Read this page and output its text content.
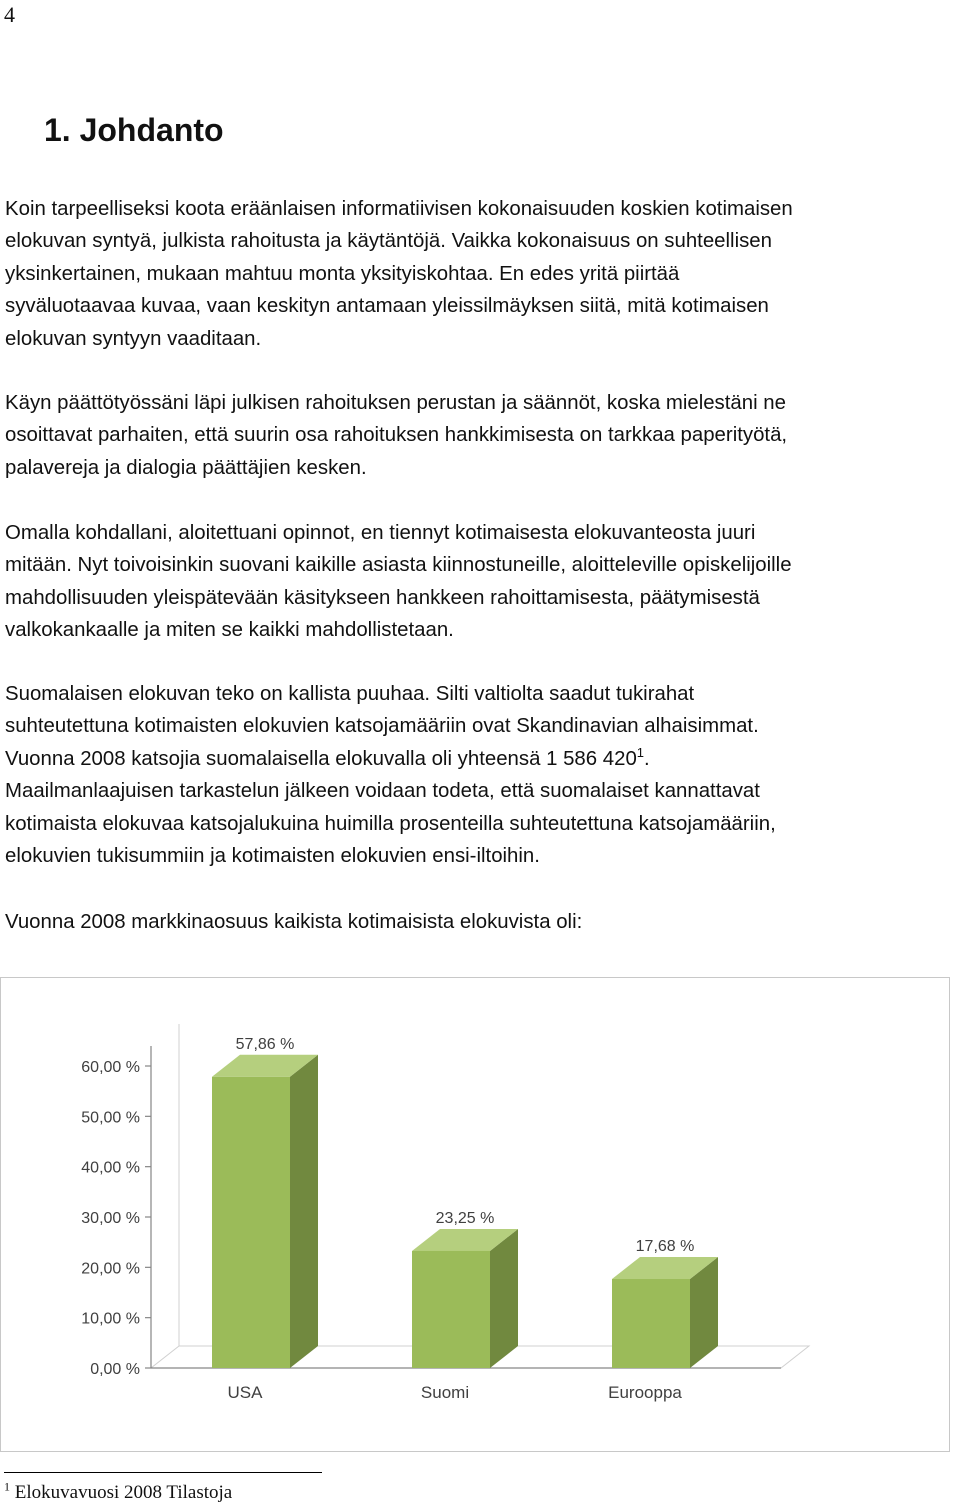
4
1. Johdanto
Koin tarpeelliseksi koota eräänlaisen informatiivisen kokonaisuuden koskien kotimaisen
elokuvan syntyä, julkista rahoitusta ja käytäntöjä. Vaikka kokonaisuus on suhteellisen
yksinkertainen, mukaan mahtuu monta yksityiskohtaa. En edes yritä piirtää
syväluotaavaa kuvaa, vaan keskityn antamaan yleissilmäyksen siitä, mitä kotimaisen
elokuvan syntyyn vaaditaan.
Käyn päättötyössäni läpi julkisen rahoituksen perustan ja säännöt, koska mielestäni ne
osoittavat parhaiten, että suurin osa rahoituksen hankkimisesta on tarkkaa paperityötä,
palavereja ja dialogia päättäjien kesken.
Omalla kohdallani, aloitettuani opinnot, en tiennyt kotimaisesta elokuvanteosta juuri
mitään. Nyt toivoisinkin suovani kaikille asiasta kiinnostuneille, aloitteleville opiskelijoille
mahdollisuuden yleispätevään käsitykseen hankkeen rahoittamisesta, päätymisestä
valkokankaalle ja miten se kaikki mahdollistetaan.
Suomalaisen elokuvan teko on kallista puuhaa. Silti valtiolta saadut tukirahat
suhteutettuna kotimaisten elokuvien katsojamääriin ovat Skandinavian alhaisimmat.
Vuonna 2008 katsojia suomalaisella elokuvalla oli yhteensä 1 586 $420^1$.
Maailmanlaajuisen tarkastelun jälkeen voidaan todeta, että suomalaiset kannattavat
kotimaista elokuvaa katsojalukuina huimilla prosenteilla suhteutettuna katsojamääriin,
elokuvien tukisummiin ja kotimaisten elokuvien ensi-iltoihin.
Vuonna 2008 markkinaosuus kaikista kotimaisista elokuvista oli:
0,00 %
10,00 %
20,00 %
30,00 %
40,00 %
50,00 %
60,00 %
57,86 %
USA
23,25 %
Suomi
17,68 %
Eurooppa
$^1$ Elokuvavuosi 2008 Tilastoja
